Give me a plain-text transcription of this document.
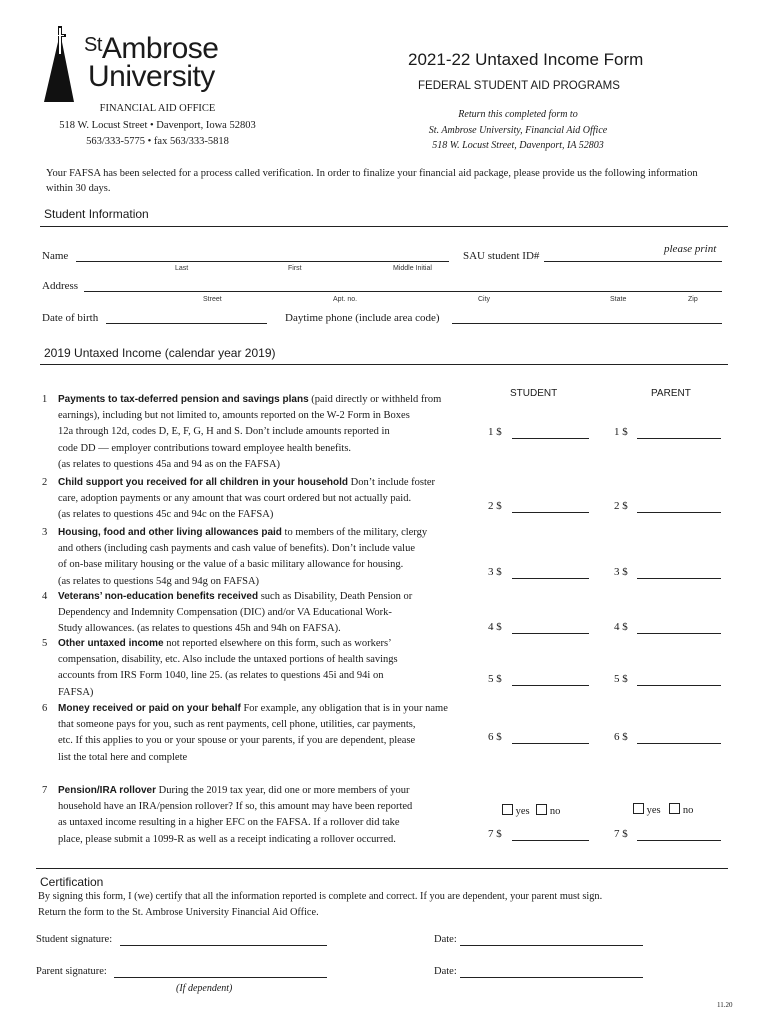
$^{St}$Ambrose
University
FINANCIAL AID OFFICE
518 W. Locust Street • Davenport, Iowa 52803
563/333-5775 • fax 563/333-5818
2021-22 Untaxed Income Form
FEDERAL STUDENT AID PROGRAMS
Return this completed form to
St. Ambrose University, Financial Aid Office
518 W. Locust Street, Davenport, IA 52803
Your FAFSA has been selected for a process called verification. In order to finalize your financial aid package, please provide us the following information within 30 days.
Student Information
please print
Name	SAU student ID#
Last	First	Middle Initial
Address
Street	Apt. no.	City	State	Zip
Date of birth	Daytime phone (include area code)
2019 Untaxed Income (calendar year 2019)
STUDENT	PARENT
1 Payments to tax-deferred pension and savings plans (paid directly or withheld from
earnings), including but not limited to, amounts reported on the W-2 Form in Boxes
12a through 12d, codes D, E, F, G, H and S. Don’t include amounts reported in
code DD — employer contributions toward employee health benefits.
(as relates to questions 45a and 94 as on the FAFSA)
1 $	1 $
2 Child support you received for all children in your household Don’t include foster
care, adoption payments or any amount that was court ordered but not actually paid.
(as relates to questions 45c and 94c on the FAFSA)
2 $	2 $
3 Housing, food and other living allowances paid to members of the military, clergy
and others (including cash payments and cash value of benefits). Don’t include value
of on-base military housing or the value of a basic military allowance for housing.
(as relates to questions 54g and 94g on FAFSA)
3 $	3 $
4 Veterans’ non-education benefits received such as Disability, Death Pension or
Dependency and Indemnity Compensation (DIC) and/or VA Educational Work-
Study allowances. (as relates to questions 45h and 94h on FAFSA).	4 $	4 $
5 Other untaxed income not reported elsewhere on this form, such as workers’
compensation, disability, etc. Also include the untaxed portions of health savings
accounts from IRS Form 1040, line 25. (as relates to questions 45i and 94i on
FAFSA)
5 $	5 $
6 Money received or paid on your behalf For example, any obligation that is in your name
that someone pays for you, such as rent payments, cell phone, utilities, car payments,
etc. If this applies to you or your spouse or your parents, if you are dependent, please
list the total here and complete
6 $	6 $
7 Pension/IRA rollover During the 2019 tax year, did one or more members of your
household have an IRA/pension rollover? If so, this amount may have been reported
as untaxed income resulting in a higher EFC on the FAFSA. If a rollover did take
place, please submit a 1099-R as well as a receipt indicating a rollover occurred.	7 $	7 $
yes no	yes no
Certification
By signing this form, I (we) certify that all the information reported is complete and correct. If you are dependent, your parent must sign.
Return the form to the St. Ambrose University Financial Aid Office.
Student signature:	Date:
Parent signature:	Date:
(If dependent)
11.20
